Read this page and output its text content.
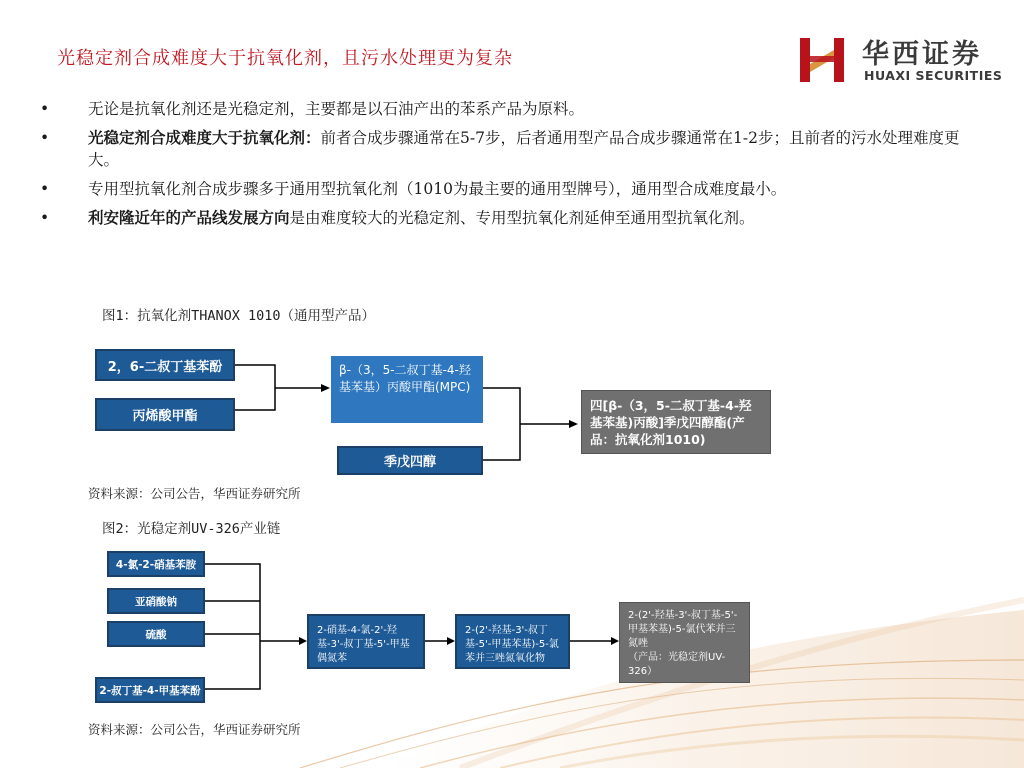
光稳定剂合成难度大于抗氧化剂，且污水处理更为复杂	华西证券
HUAXI SECURITIES
•	无论是抗氧化剂还是光稳定剂，主要都是以石油产出的苯系产品为原料。
•	光稳定剂合成难度大于抗氧化剂：前者合成步骤通常在5-7步，后者通用型产品合成步骤通常在1-2步；且前者的污水处理难度更大。
•	专用型抗氧化剂合成步骤多于通用型抗氧化剂（1010为最主要的通用型牌号），通用型合成难度最小。
•	利安隆近年的产品线发展方向是由难度较大的光稳定剂、专用型抗氧化剂延伸至通用型抗氧化剂。
图1：抗氧化剂THANOX 1010（通用型产品）
2，6-二叔丁基苯酚
丙烯酸甲酯
β-（3，5-二叔丁基-4-羟基苯基）丙酸甲酯(MPC)
季戊四醇
四[β-（3，5-二叔丁基-4-羟基苯基)丙酸]季戊四醇酯(产品：抗氧化剂1010)
资料来源：公司公告，华西证券研究所
图2：光稳定剂UV-326产业链
4-氯-2-硝基苯胺
亚硝酸钠
硫酸
2-叔丁基-4-甲基苯酚
2-硝基-4-氯-2'-羟基-3'-叔丁基-5'-甲基偶氮苯
2-(2'-羟基-3'-叔丁基-5'-甲基苯基)-5-氯苯并三唑氮氧化物
2-(2'-羟基-3'-叔丁基-5'-甲基苯基)-5-氯代苯并三氮唑
（产品：光稳定剂UV-326）
资料来源：公司公告，华西证券研究所
